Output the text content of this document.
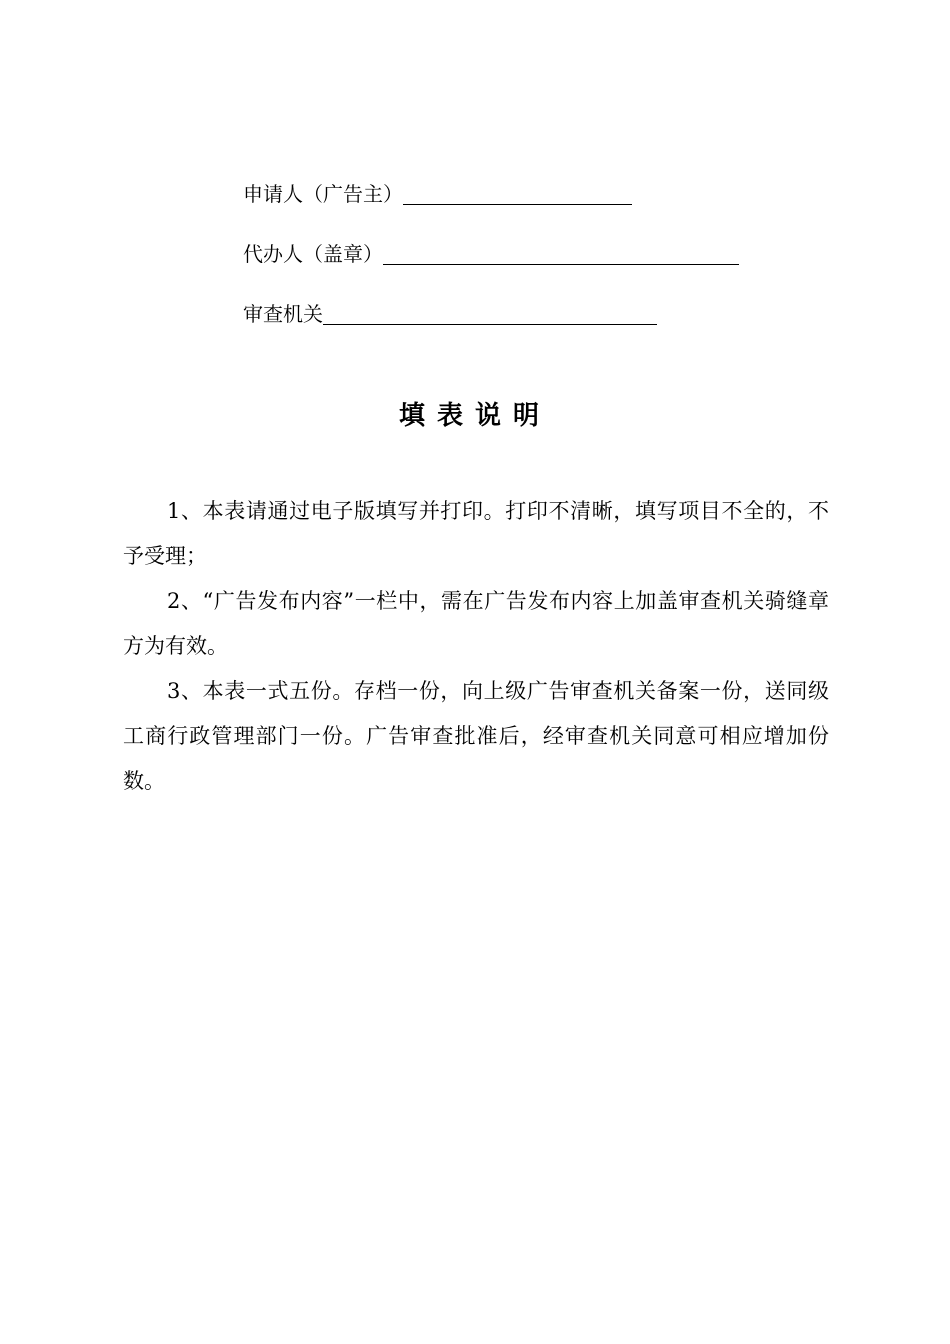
申请人（广告主）
代办人（盖章）
审查机关
填表说明

1、本表请通过电子版填写并打印。打印不清晰，填写项目不全的，不予受理；

2、“广告发布内容”一栏中，需在广告发布内容上加盖审查机关骑缝章方为有效。

3、本表一式五份。存档一份，向上级广告审查机关备案一份，送同级工商行政管理部门一份。广告审查批准后，经审查机关同意可相应增加份数。
